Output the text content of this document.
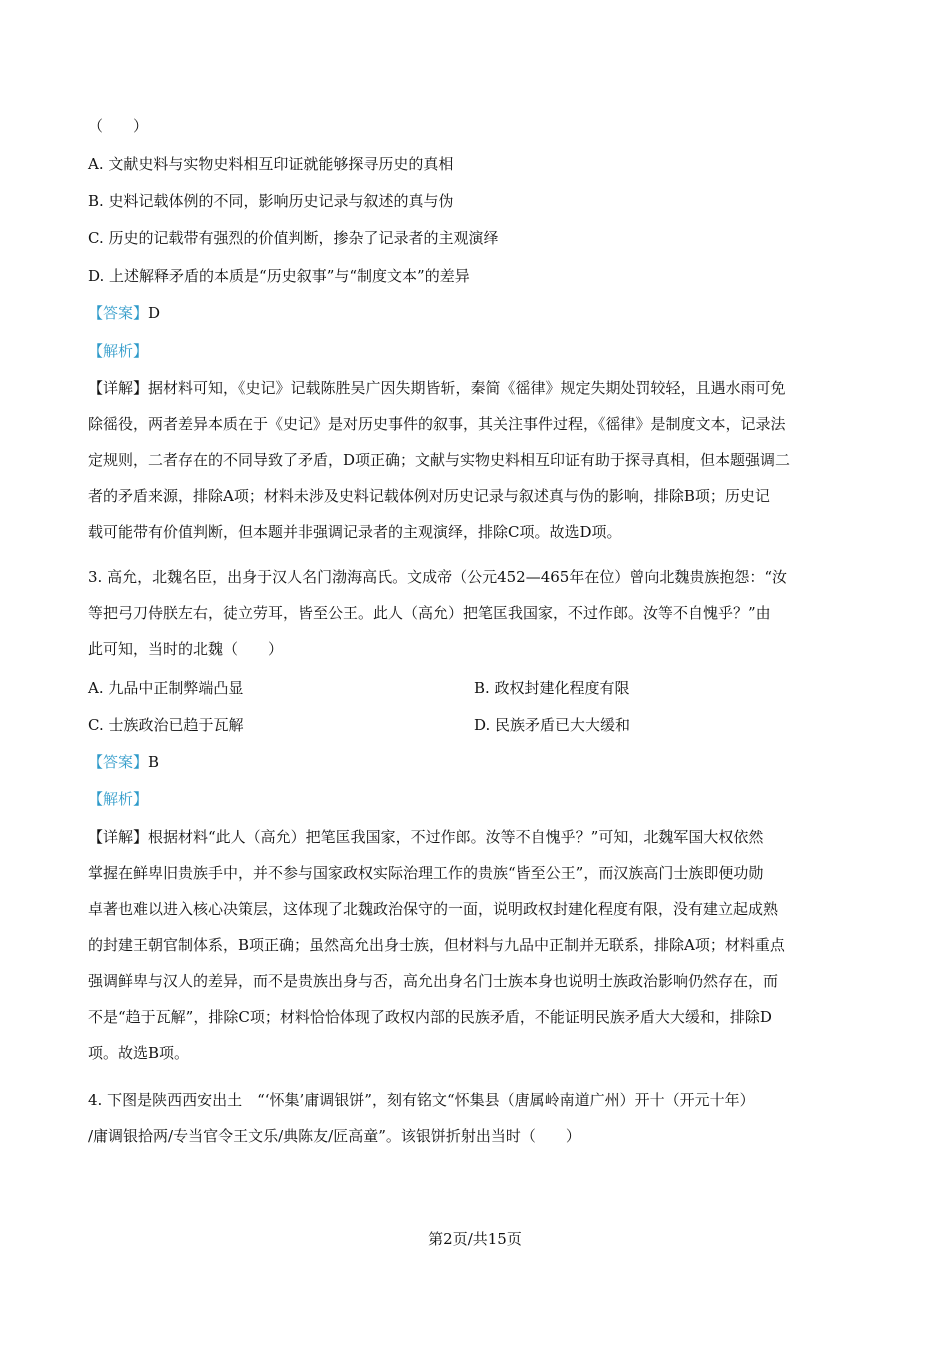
（　　）
A. 文献史料与实物史料相互印证就能够探寻历史的真相
B. 史料记载体例的不同，影响历史记录与叙述的真与伪
C. 历史的记载带有强烈的价值判断，掺杂了记录者的主观演绎
D. 上述解释矛盾的本质是“历史叙事”与“制度文本”的差异
【答案】D
【解析】

【详解】据材料可知，《史记》记载陈胜吴广因失期皆斩，秦简《徭律》规定失期处罚较轻，且遇水雨可免

除徭役，两者差异本质在于《史记》是对历史事件的叙事，其关注事件过程，《徭律》是制度文本，记录法

定规则，二者存在的不同导致了矛盾，D项正确；文献与实物史料相互印证有助于探寻真相，但本题强调二

者的矛盾来源，排除A项；材料未涉及史料记载体例对历史记录与叙述真与伪的影响，排除B项；历史记

载可能带有价值判断，但本题并非强调记录者的主观演绎，排除C项。故选D项。

3. 高允，北魏名臣，出身于汉人名门渤海高氏。文成帝（公元452—465年在位）曾向北魏贵族抱怨：“汝

等把弓刀侍朕左右，徒立劳耳，皆至公王。此人（高允）把笔匡我国家，不过作郎。汝等不自愧乎？”由

此可知，当时的北魏（　　）

A. 九品中正制弊端凸显	B. 政权封建化程度有限
C. 士族政治已趋于瓦解	D. 民族矛盾已大大缓和
【答案】B
【解析】

【详解】根据材料“此人（高允）把笔匡我国家，不过作郎。汝等不自愧乎？”可知，北魏军国大权依然

掌握在鲜卑旧贵族手中，并不参与国家政权实际治理工作的贵族“皆至公王”，而汉族高门士族即便功勋

卓著也难以进入核心决策层，这体现了北魏政治保守的一面，说明政权封建化程度有限，没有建立起成熟

的封建王朝官制体系，B项正确；虽然高允出身士族，但材料与九品中正制并无联系，排除A项；材料重点

强调鲜卑与汉人的差异，而不是贵族出身与否，高允出身名门士族本身也说明士族政治影响仍然存在，而

不是“趋于瓦解”，排除C项；材料恰恰体现了政权内部的民族矛盾，不能证明民族矛盾大大缓和，排除D

项。故选B项。

4. 下图是陕西西安出土　“‘怀集’庸调银饼”，刻有铭文“怀集县（唐属岭南道广州）开十（开元十年）

/庸调银拾两/专当官令王文乐/典陈友/匠高童”。该银饼折射出当时（　　）

第2页/共15页
